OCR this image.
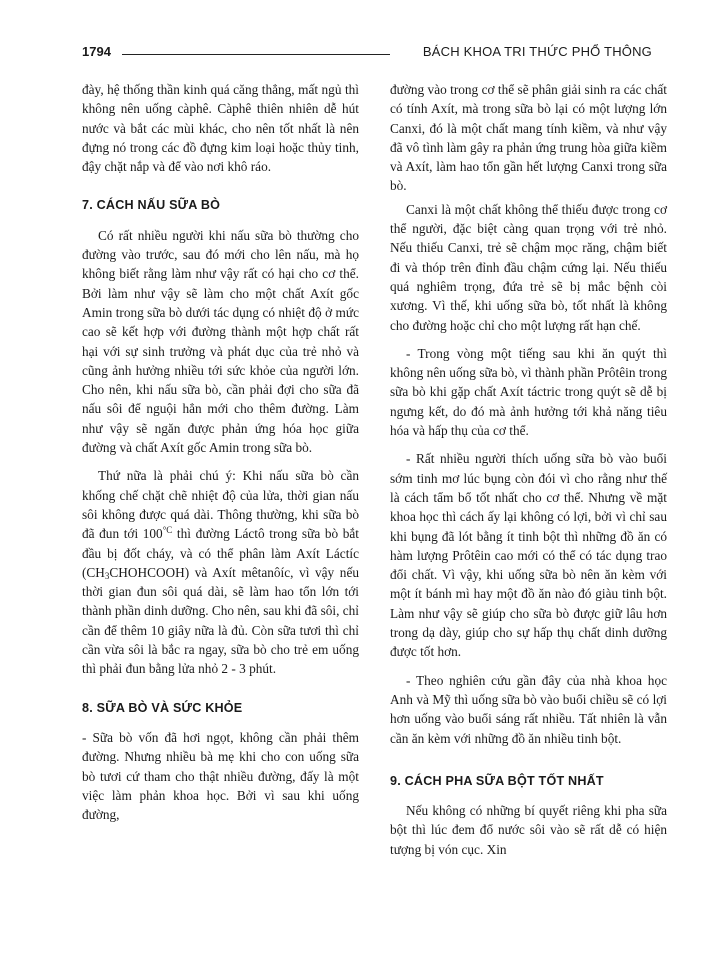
1794	BÁCH KHOA TRI THỨC PHỔ THÔNG

đày, hệ thống thần kinh quá căng thẳng, mất ngủ thì không nên uống càphê. Càphê thiên nhiên dễ hút nước và bắt các mùi khác, cho nên tốt nhất là nên đựng nó trong các đồ đựng kim loại hoặc thủy tinh, đậy chặt nắp và để vào nơi khô ráo.

7. CÁCH NẤU SỮA BÒ

Có rất nhiều người khi nấu sữa bò thường cho đường vào trước, sau đó mới cho lên nấu, mà họ không biết rằng làm như vậy rất có hại cho cơ thể. Bởi làm như vậy sẽ làm cho một chất Axít gốc Amin trong sữa bò dưới tác dụng có nhiệt độ ở mức cao sẽ kết hợp với đường thành một hợp chất rất hại với sự sinh trưởng và phát dục của trẻ nhỏ và cũng ảnh hưởng nhiều tới sức khỏe của người lớn. Cho nên, khi nấu sữa bò, cần phải đợi cho sữa đã nấu sôi để nguội hẳn mới cho thêm đường. Làm như vậy sẽ ngăn được phản ứng hóa học giữa đường và chất Axít gốc Amin trong sữa bò.

Thứ nữa là phải chú ý: Khi nấu sữa bò cần khống chế chặt chẽ nhiệt độ của lửa, thời gian nấu sôi không được quá dài. Thông thường, khi sữa bò đã đun tới $100^{^\circ C}$ thì đường Láctô trong sữa bò bắt đầu bị đốt cháy, và có thể phân làm Axít Láctíc $(CH_3CHOHCOOH)$ và Axít mêtanôíc, vì vậy nếu thời gian đun sôi quá dài, sẽ làm hao tổn lớn tới thành phần dinh dưỡng. Cho nên, sau khi đã sôi, chỉ cần để thêm 10 giây nữa là đủ. Còn sữa tươi thì chỉ cần vừa sôi là bắc ra ngay, sữa bò cho trẻ em uống thì phải đun bằng lửa nhỏ 2 - 3 phút.

8. SỮA BÒ VÀ SỨC KHỎE

- Sữa bò vốn đã hơi ngọt, không cần phải thêm đường. Nhưng nhiều bà mẹ khi cho con uống sữa bò tươi cứ tham cho thật nhiều đường, đấy là một việc làm phản khoa học. Bởi vì sau khi uống đường,

đường vào trong cơ thể sẽ phân giải sinh ra các chất có tính Axít, mà trong sữa bò lại có một lượng lớn Canxi, đó là một chất mang tính kiềm, và như vậy đã vô tình làm gây ra phản ứng trung hòa giữa kiềm và Axít, làm hao tổn gần hết lượng Canxi trong sữa bò.

Canxi là một chất không thể thiếu được trong cơ thể người, đặc biệt càng quan trọng với trẻ nhỏ. Nếu thiếu Canxi, trẻ sẽ chậm mọc răng, chậm biết đi và thóp trên đỉnh đầu chậm cứng lại. Nếu thiếu quá nghiêm trọng, đứa trẻ sẽ bị mắc bệnh còi xương. Vì thế, khi uống sữa bò, tốt nhất là không cho đường hoặc chỉ cho một lượng rất hạn chế.

- Trong vòng một tiếng sau khi ăn quýt thì không nên uống sữa bò, vì thành phần Prôtêin trong sữa bò khi gặp chất Axít táctric trong quýt sẽ dễ bị ngưng kết, do đó mà ảnh hưởng tới khả năng tiêu hóa và hấp thụ của cơ thể.

- Rất nhiều người thích uống sữa bò vào buổi sớm tinh mơ lúc bụng còn đói vì cho rằng như thế là cách tẩm bổ tốt nhất cho cơ thể. Nhưng về mặt khoa học thì cách ấy lại không có lợi, bởi vì chỉ sau khi bụng đã lót bằng ít tinh bột thì những đồ ăn có hàm lượng Prôtêin cao mới có thể có tác dụng trao đổi chất. Vì vậy, khi uống sữa bò nên ăn kèm với một ít bánh mì hay một đồ ăn nào đó giàu tinh bột. Làm như vậy sẽ giúp cho sữa bò được giữ lâu hơn trong dạ dày, giúp cho sự hấp thụ chất dinh dưỡng được tốt hơn.

- Theo nghiên cứu gần đây của nhà khoa học Anh và Mỹ thì uống sữa bò vào buổi chiều sẽ có lợi hơn uống vào buổi sáng rất nhiều. Tất nhiên là vẫn cần ăn kèm với những đồ ăn nhiều tinh bột.

9. CÁCH PHA SỮA BỘT TỐT NHẤT

Nếu không có những bí quyết riêng khi pha sữa bột thì lúc đem đổ nước sôi vào sẽ rất dễ có hiện tượng bị vón cục. Xin
